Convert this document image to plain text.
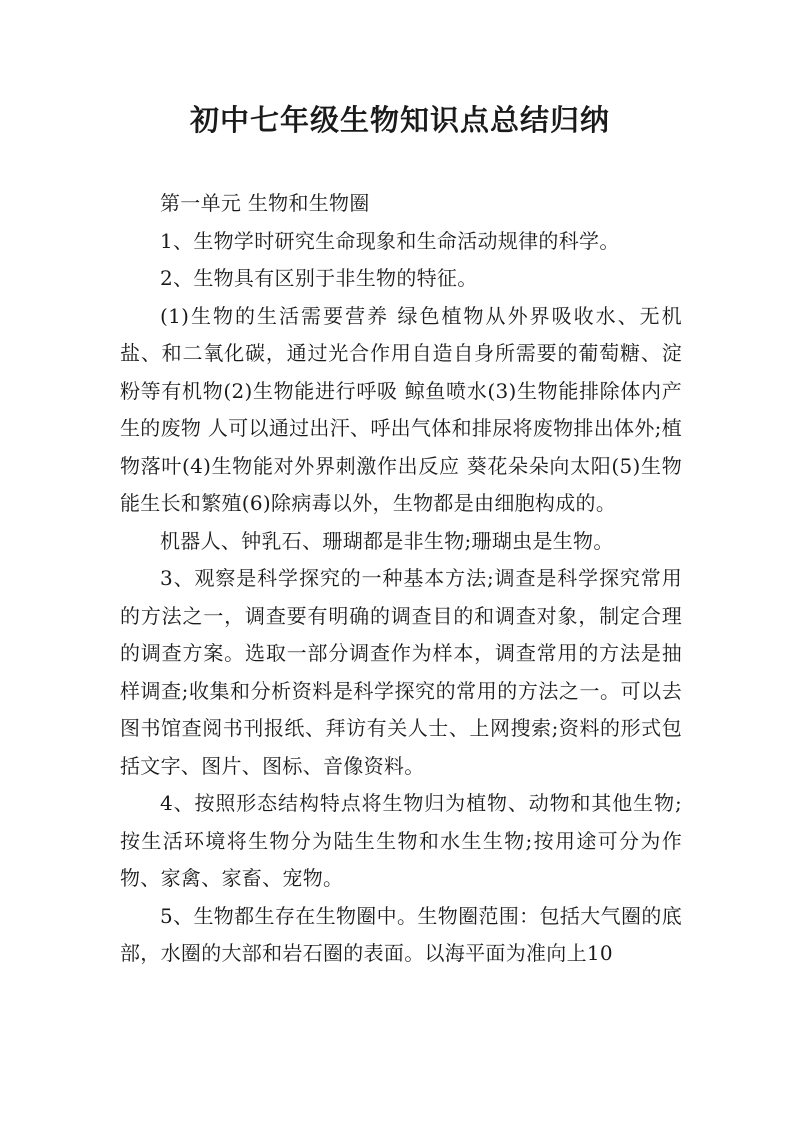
初中七年级生物知识点总结归纳

第一单元 生物和生物圈

1、生物学时研究生命现象和生命活动规律的科学。

2、生物具有区别于非生物的特征。

(1)生物的生活需要营养 绿色植物从外界吸收水、无机盐、和二氧化碳，通过光合作用自造自身所需要的葡萄糖、淀粉等有机物(2)生物能进行呼吸 鲸鱼喷水(3)生物能排除体内产生的废物 人可以通过出汗、呼出气体和排尿将废物排出体外;植物落叶(4)生物能对外界刺激作出反应 葵花朵朵向太阳(5)生物能生长和繁殖(6)除病毒以外，生物都是由细胞构成的。

机器人、钟乳石、珊瑚都是非生物;珊瑚虫是生物。

3、观察是科学探究的一种基本方法;调查是科学探究常用的方法之一，调查要有明确的调查目的和调查对象，制定合理的调查方案。选取一部分调查作为样本，调查常用的方法是抽样调查;收集和分析资料是科学探究的常用的方法之一。可以去图书馆查阅书刊报纸、拜访有关人士、上网搜索;资料的形式包括文字、图片、图标、音像资料。

4、按照形态结构特点将生物归为植物、动物和其他生物;按生活环境将生物分为陆生生物和水生生物;按用途可分为作物、家禽、家畜、宠物。

5、生物都生存在生物圈中。生物圈范围：包括大气圈的底部，水圈的大部和岩石圈的表面。以海平面为准向上10
